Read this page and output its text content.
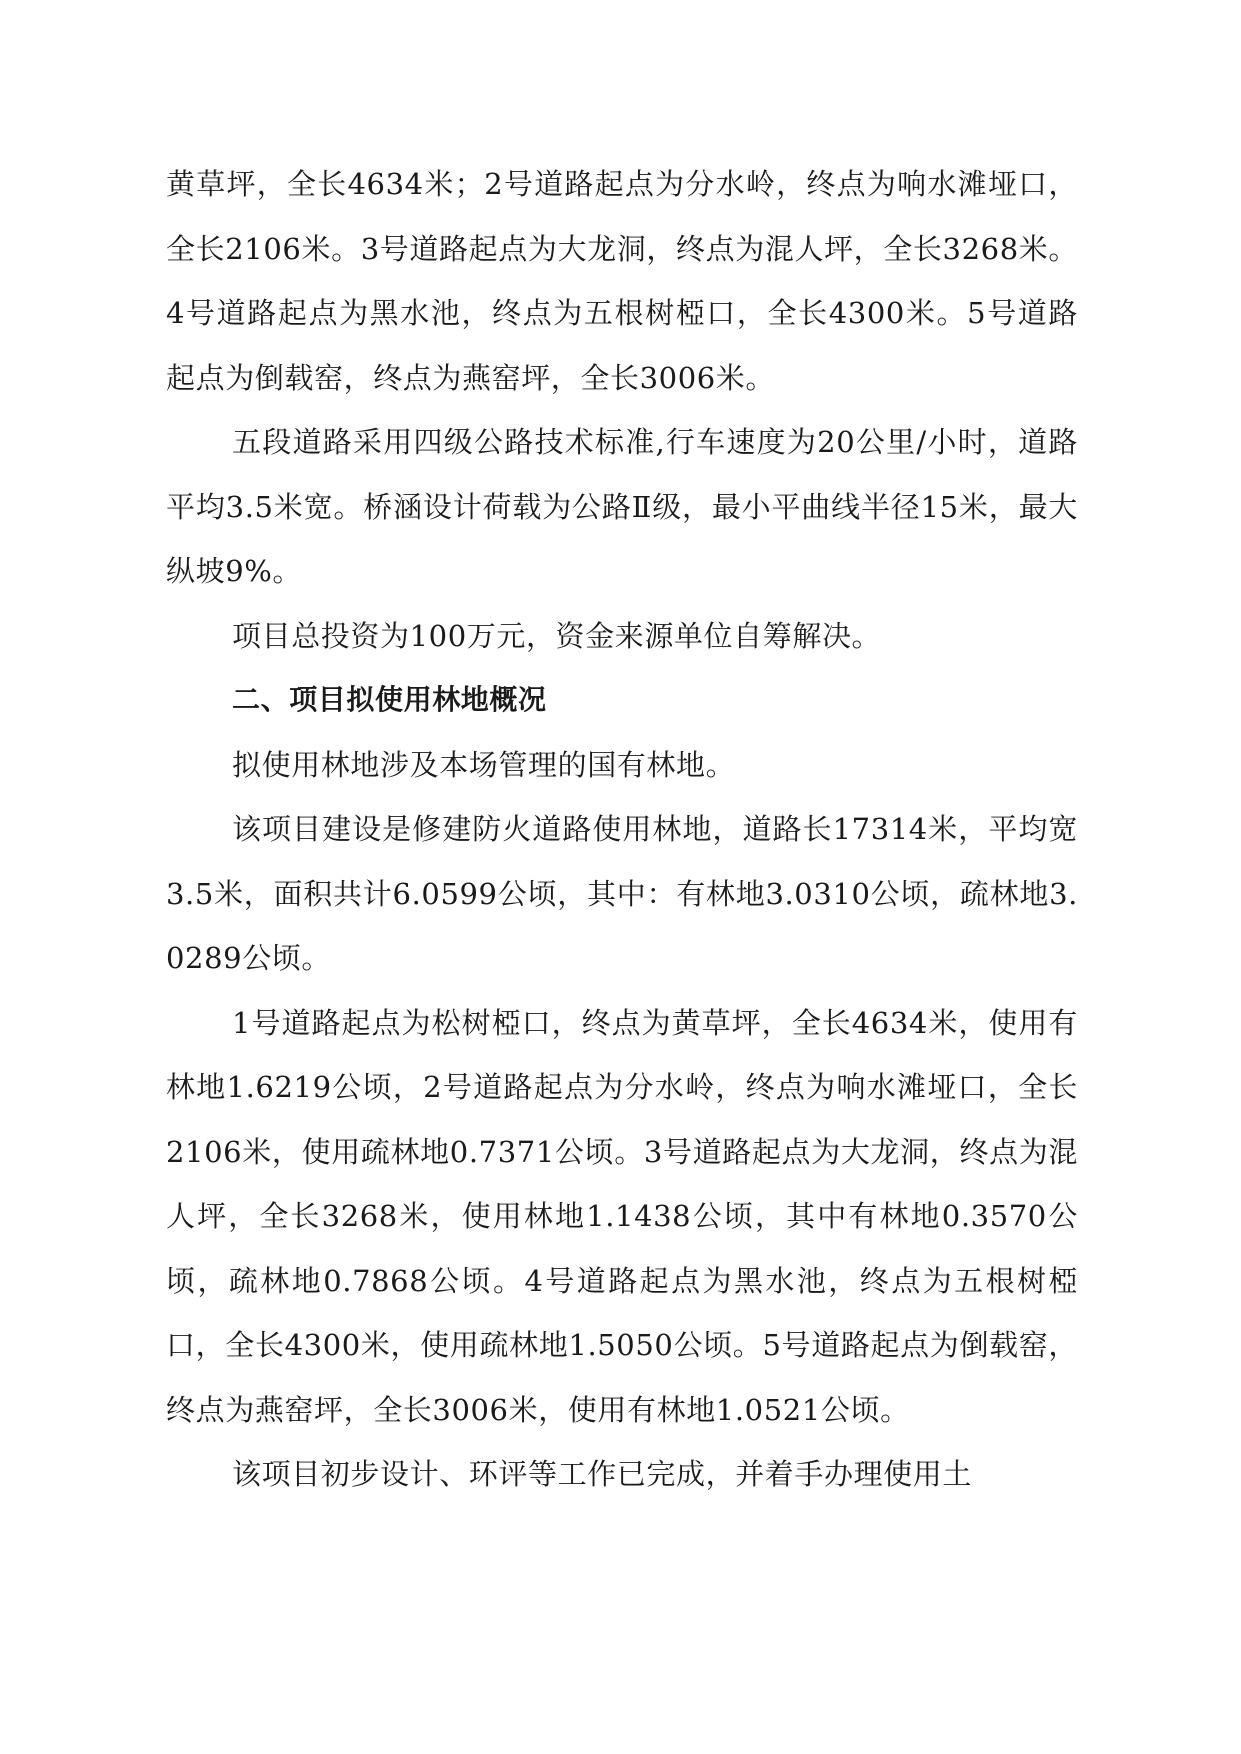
黄草坪，全长4634米；2号道路起点为分水岭，终点为响水滩垭口，全长2106米。3号道路起点为大龙洞，终点为混人坪，全长3268米。4号道路起点为黑水池，终点为五根树椏口，全长4300米。5号道路起点为倒载窑，终点为燕窑坪，全长3006米。

五段道路采用四级公路技术标准,行车速度为20公里/小时，道路平均3.5米宽。桥涵设计荷载为公路Ⅱ级，最小平曲线半径15米，最大纵坡9%。

项目总投资为100万元，资金来源单位自筹解决。

二、项目拟使用林地概况

拟使用林地涉及本场管理的国有林地。

该项目建设是修建防火道路使用林地，道路长17314米，平均宽3.5米，面积共计6.0599公顷，其中：有林地3.0310公顷，疏林地3.0289公顷。

1号道路起点为松树椏口，终点为黄草坪，全长4634米，使用有林地1.6219公顷，2号道路起点为分水岭，终点为响水滩垭口，全长2106米，使用疏林地0.7371公顷。3号道路起点为大龙洞，终点为混人坪，全长3268米，使用林地1.1438公顷，其中有林地0.3570公顷，疏林地0.7868公顷。4号道路起点为黑水池，终点为五根树椏口，全长4300米，使用疏林地1.5050公顷。5号道路起点为倒载窑，终点为燕窑坪，全长3006米，使用有林地1.0521公顷。

该项目初步设计、环评等工作已完成，并着手办理使用土
